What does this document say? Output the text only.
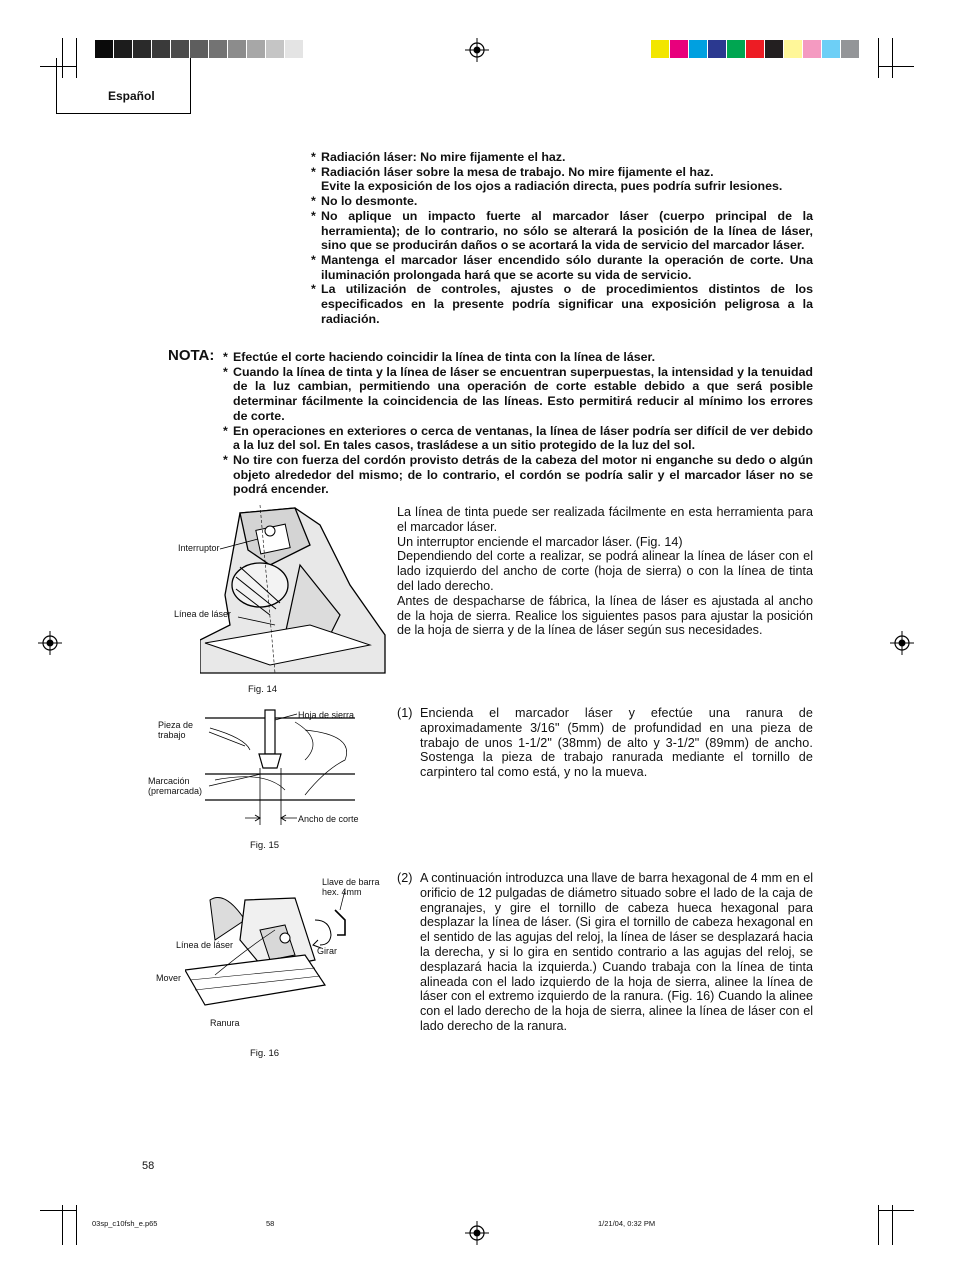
Español
* Radiación láser: No mire fijamente el haz.
* Radiación láser sobre la mesa de trabajo. No mire fijamente el haz.
Evite la exposición de los ojos a radiación directa, pues podría sufrir lesiones.
* No lo desmonte.
* No aplique un impacto fuerte al marcador láser (cuerpo principal de la herramienta); de lo contrario, no sólo se alterará la posición de la línea de láser, sino que se producirán daños o se acortará la vida de servicio del marcador láser.
* Mantenga el marcador láser encendido sólo durante la operación de corte. Una iluminación prolongada hará que se acorte su vida de servicio.
* La utilización de controles, ajustes o de procedimientos distintos de los especificados en la presente podría significar una exposición peligrosa a la radiación.
NOTA: * Efectúe el corte haciendo coincidir la línea de tinta con la línea de láser.
* Cuando la línea de tinta y la línea de láser se encuentran superpuestas, la intensidad y la tenuidad de la luz cambian, permitiendo una operación de corte estable debido a que será posible determinar fácilmente la coincidencia de las líneas. Esto permitirá reducir al mínimo los errores de corte.
* En operaciones en exteriores o cerca de ventanas, la línea de láser podría ser difícil de ver debido a la luz del sol. En tales casos, trasládese a un sitio protegido de la luz del sol.
* No tire con fuerza del cordón provisto detrás de la cabeza del motor ni enganche su dedo o algún objeto alrededor del mismo; de lo contrario, el cordón se podría salir y el marcador láser no se podrá encender.
La línea de tinta puede ser realizada fácilmente en esta herramienta para el marcador láser.
Un interruptor enciende el marcador láser. (Fig. 14)
Dependiendo del corte a realizar, se podrá alinear la línea de láser con el lado izquierdo del ancho de corte (hoja de sierra) o con la línea de tinta del lado derecho.
Antes de despacharse de fábrica, la línea de láser es ajustada al ancho de la hoja de sierra. Realice los siguientes pasos para ajustar la posición de la hoja de sierra y de la línea de láser según sus necesidades.
Interruptor
Línea de láser
Fig. 14
Hoja de sierra
Pieza de trabajo
Marcación (premarcada)
Ancho de corte
Fig. 15
Llave de barra hex. 4mm
Línea de láser
Girar
Mover
Ranura
Fig. 16
(1) Encienda el marcador láser y efectúe una ranura de aproximadamente 3/16" (5mm) de profundidad en una pieza de trabajo de unos 1-1/2" (38mm) de alto y 3-1/2" (89mm) de ancho. Sostenga la pieza de trabajo ranurada mediante el tornillo de carpintero tal como está, y no la mueva.
(2) A continuación introduzca una llave de barra hexagonal de 4 mm en el orificio de 12 pulgadas de diámetro situado sobre el lado de la caja de engranajes, y gire el tornillo de cabeza hueca hexagonal para desplazar la línea de láser. (Si gira el tornillo de cabeza hexagonal en el sentido de las agujas del reloj, la línea de láser se desplazará hacia la derecha, y si lo gira en sentido contrario a las agujas del reloj, se desplazará hacia la izquierda.) Cuando trabaja con la línea de tinta alineada con el lado izquierdo de la hoja de sierra, alinee la línea de láser con el extremo izquierdo de la ranura. (Fig. 16) Cuando la alinee con el lado derecho de la hoja de sierra, alinee la línea de láser con el lado derecho de la ranura.
58
03sp_c10fsh_e.p65	58	1/21/04, 0:32 PM
